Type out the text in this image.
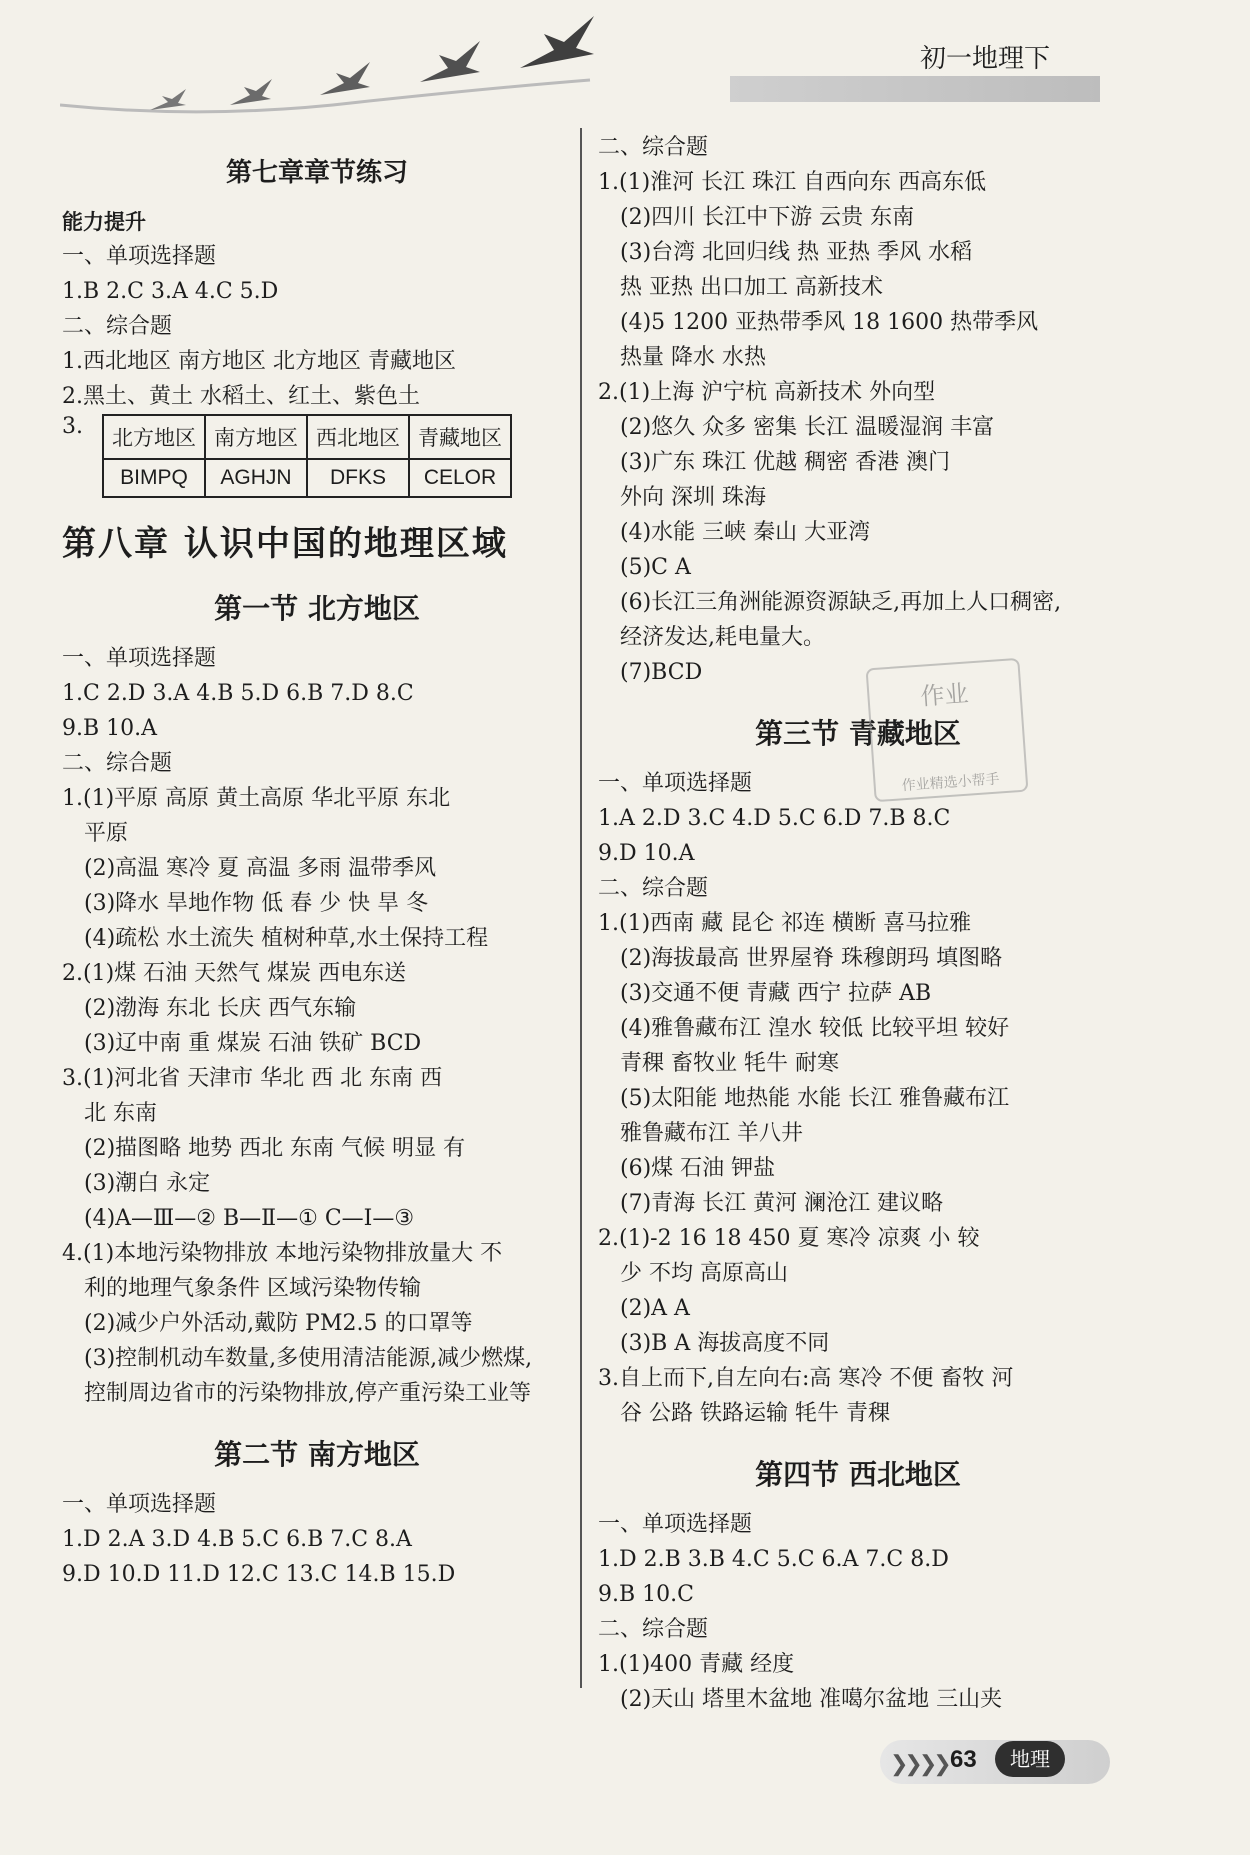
初一地理下
第七章章节练习
能力提升
一、单项选择题
1.B 2.C 3.A 4.C 5.D
二、综合题
1.西北地区 南方地区 北方地区 青藏地区
2.黑土、黄土 水稻土、红土、紫色土
3.	北方地区	南方地区	西北地区	青藏地区
BIMPQ	AGHJN	DFKS	CELOR
第八章 认识中国的地理区域
第一节 北方地区
一、单项选择题
1.C 2.D 3.A 4.B 5.D 6.B 7.D 8.C
9.B 10.A
二、综合题
1.(1)平原 高原 黄土高原 华北平原 东北
平原
(2)高温 寒冷 夏 高温 多雨 温带季风
(3)降水 旱地作物 低 春 少 快 旱 冬
(4)疏松 水土流失 植树种草,水土保持工程
2.(1)煤 石油 天然气 煤炭 西电东送
(2)渤海 东北 长庆 西气东输
(3)辽中南 重 煤炭 石油 铁矿 BCD
3.(1)河北省 天津市 华北 西 北 东南 西
北 东南
(2)描图略 地势 西北 东南 气候 明显 有
(3)潮白 永定
(4)A—Ⅲ—② B—Ⅱ—① C—Ⅰ—③
4.(1)本地污染物排放 本地污染物排放量大 不
利的地理气象条件 区域污染物传输
(2)减少户外活动,戴防 PM2.5 的口罩等
(3)控制机动车数量,多使用清洁能源,减少燃煤,
控制周边省市的污染物排放,停产重污染工业等
第二节 南方地区
一、单项选择题
1.D 2.A 3.D 4.B 5.C 6.B 7.C 8.A
9.D 10.D 11.D 12.C 13.C 14.B 15.D
二、综合题
1.(1)淮河 长江 珠江 自西向东 西高东低
(2)四川 长江中下游 云贵 东南
(3)台湾 北回归线 热 亚热 季风 水稻
热 亚热 出口加工 高新技术
(4)5 1200 亚热带季风 18 1600 热带季风
热量 降水 水热
2.(1)上海 沪宁杭 高新技术 外向型
(2)悠久 众多 密集 长江 温暖湿润 丰富
(3)广东 珠江 优越 稠密 香港 澳门
外向 深圳 珠海
(4)水能 三峡 秦山 大亚湾
(5)C A
(6)长江三角洲能源资源缺乏,再加上人口稠密,
经济发达,耗电量大。
(7)BCD
第三节 青藏地区
一、单项选择题
1.A 2.D 3.C 4.D 5.C 6.D 7.B 8.C
9.D 10.A
二、综合题
1.(1)西南 藏 昆仑 祁连 横断 喜马拉雅
(2)海拔最高 世界屋脊 珠穆朗玛 填图略
(3)交通不便 青藏 西宁 拉萨 AB
(4)雅鲁藏布江 湟水 较低 比较平坦 较好
青稞 畜牧业 牦牛 耐寒
(5)太阳能 地热能 水能 长江 雅鲁藏布江
雅鲁藏布江 羊八井
(6)煤 石油 钾盐
(7)青海 长江 黄河 澜沧江 建议略
2.(1)-2 16 18 450 夏 寒冷 凉爽 小 较
少 不均 高原高山
(2)A A
(3)B A 海拔高度不同
3.自上而下,自左向右:高 寒冷 不便 畜牧 河
谷 公路 铁路运输 牦牛 青稞
第四节 西北地区
一、单项选择题
1.D 2.B 3.B 4.C 5.C 6.A 7.C 8.D
9.B 10.C
二、综合题
1.(1)400 青藏 经度
(2)天山 塔里木盆地 准噶尔盆地 三山夹
作业
作业精选小帮手
❯❯❯❯ 63	地理
